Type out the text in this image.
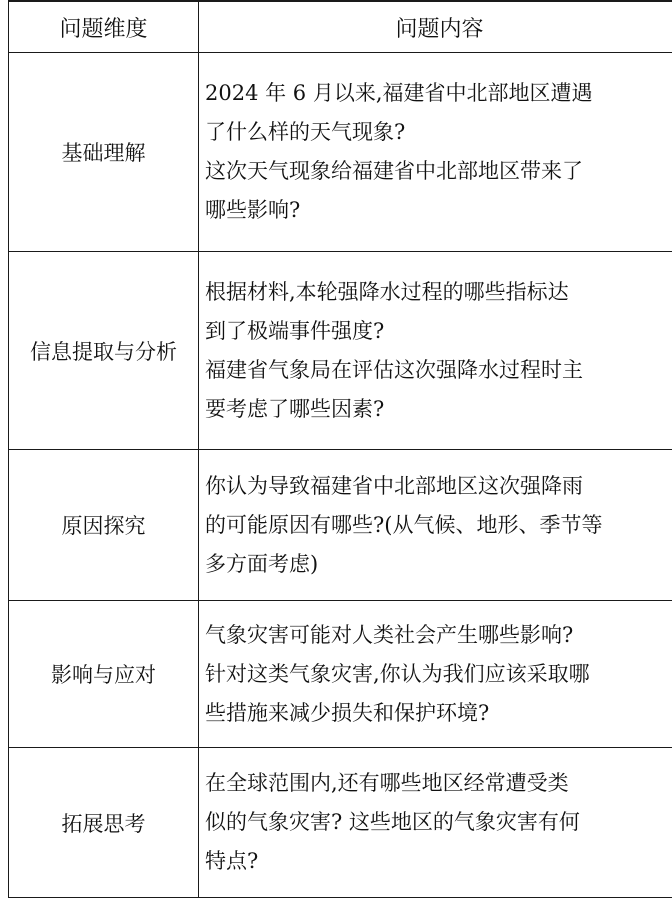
问题维度	问题内容
基础理解	2024 年 6 月以来,福建省中北部地区遭遇
了什么样的天气现象?
这次天气现象给福建省中北部地区带来了
哪些影响?

信息提取与分析	根据材料,本轮强降水过程的哪些指标达
到了极端事件强度?
福建省气象局在评估这次强降水过程时主
要考虑了哪些因素?

原因探究	你认为导致福建省中北部地区这次强降雨
的可能原因有哪些?(从气候、地形、季节等
多方面考虑)

影响与应对	气象灾害可能对人类社会产生哪些影响?
针对这类气象灾害,你认为我们应该采取哪
些措施来减少损失和保护环境?

拓展思考	在全球范围内,还有哪些地区经常遭受类
似的气象灾害? 这些地区的气象灾害有何
特点?
